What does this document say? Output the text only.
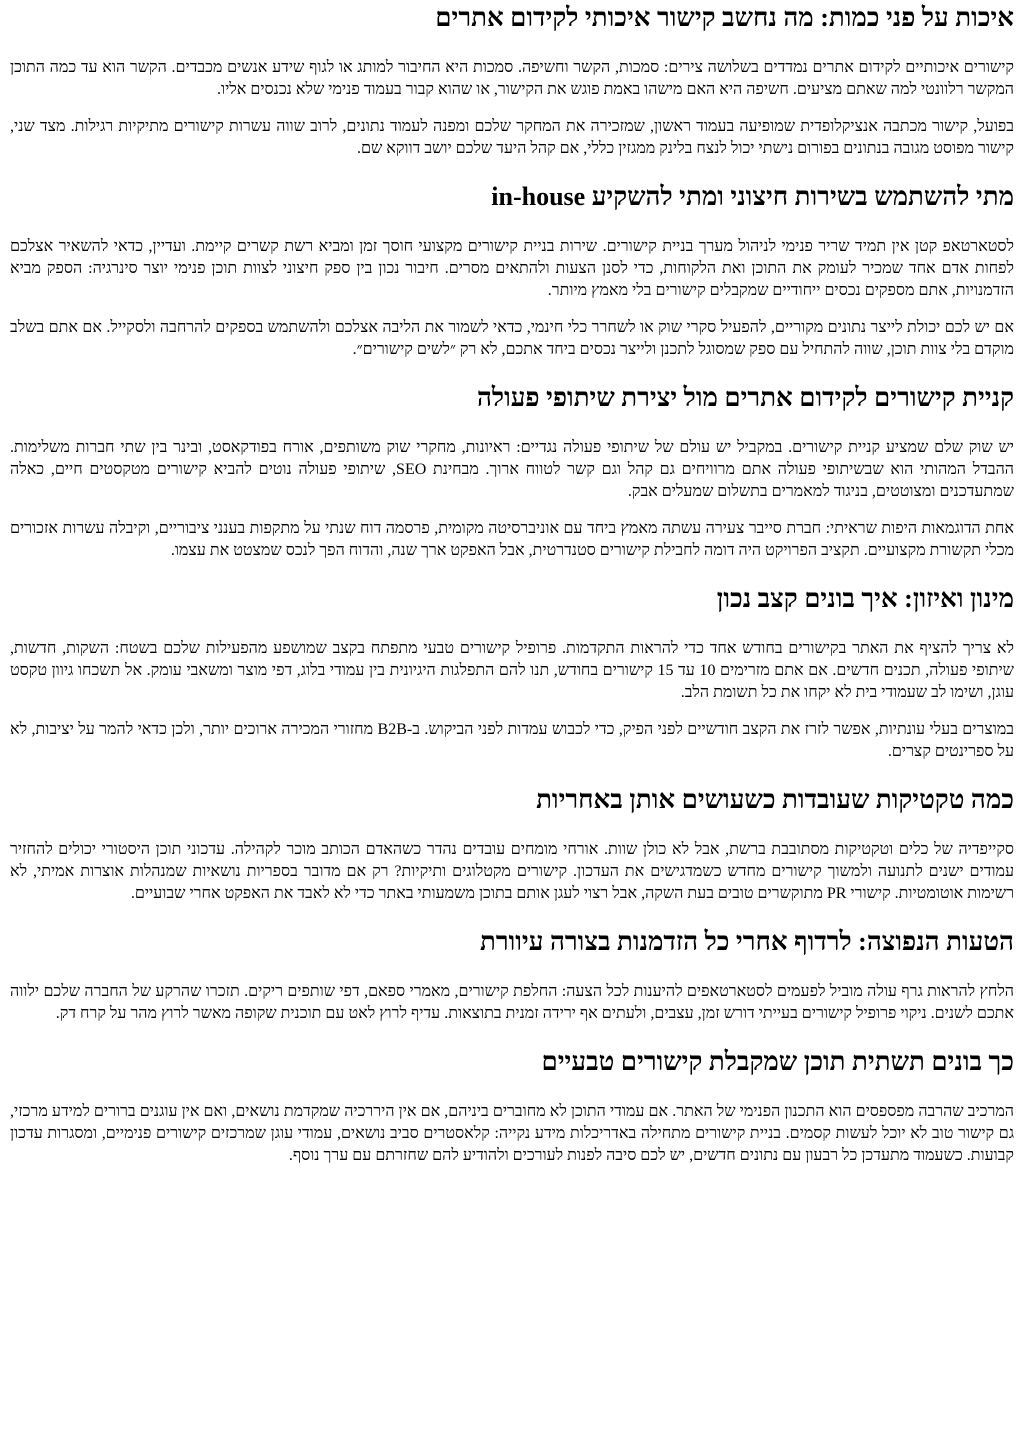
איכות על פני כמות: מה נחשב קישור איכותי לקידום אתרים

קישורים איכותיים לקידום אתרים נמדדים בשלושה צירים: סמכות, הקשר וחשיפה. סמכות היא החיבור למותג או לגוף שידע אנשים מכבדים. הקשר הוא עד כמה התוכן המקשר רלוונטי למה שאתם מציעים. חשיפה היא האם מישהו באמת פוגש את הקישור, או שהוא קבור בעמוד פנימי שלא נכנסים אליו.

בפועל, קישור מכתבה אנציקלופדית שמופיעה בעמוד ראשון, שמזכירה את המחקר שלכם ומפנה לעמוד נתונים, לרוב שווה עשרות קישורים מתיקיות רגילות. מצד שני, קישור מפוסט מגובה בנתונים בפורום נישתי יכול לנצח בלינק ממגזין כללי, אם קהל היעד שלכם יושב דווקא שם.

מתי להשתמש בשירות חיצוני ומתי להשקיע in-house

לסטארטאפ קטן אין תמיד שריר פנימי לניהול מערך בניית קישורים. שירות בניית קישורים מקצועי חוסך זמן ומביא רשת קשרים קיימת. ועדיין, כדאי להשאיר אצלכם לפחות אדם אחד שמכיר לעומק את התוכן ואת הלקוחות, כדי לסנן הצעות ולהתאים מסרים. חיבור נכון בין ספק חיצוני לצוות תוכן פנימי יוצר סינרגיה: הספק מביא הזדמנויות, אתם מספקים נכסים ייחודיים שמקבלים קישורים בלי מאמץ מיותר.

אם יש לכם יכולת לייצר נתונים מקוריים, להפעיל סקרי שוק או לשחרר כלי חינמי, כדאי לשמור את הליבה אצלכם ולהשתמש בספקים להרחבה ולסקייל. אם אתם בשלב מוקדם בלי צוות תוכן, שווה להתחיל עם ספק שמסוגל לתכנן ולייצר נכסים ביחד אתכם, לא רק ״לשים קישורים״.

קניית קישורים לקידום אתרים מול יצירת שיתופי פעולה

יש שוק שלם שמציע קניית קישורים. במקביל יש עולם של שיתופי פעולה נגדיים: ראיונות, מחקרי שוק משותפים, אורח בפודקאסט, ובינר בין שתי חברות משלימות. ההבדל המהותי הוא שבשיתופי פעולה אתם מרוויחים גם קהל וגם קשר לטווח ארוך. מבחינת SEO, שיתופי פעולה נוטים להביא קישורים מטקסטים חיים, כאלה שמתעדכנים ומצוטטים, בניגוד למאמרים בתשלום שמעלים אבק.

אחת הדוגמאות היפות שראיתי: חברת סייבר צעירה עשתה מאמץ ביחד עם אוניברסיטה מקומית, פרסמה דוח שנתי על מתקפות בענני ציבוריים, וקיבלה עשרות אזכורים מכלי תקשורת מקצועיים. תקציב הפרויקט היה דומה לחבילת קישורים סטנדרטית, אבל האפקט ארך שנה, והדוח הפך לנכס שמצטט את עצמו.

מינון ואיזון: איך בונים קצב נכון

לא צריך להציף את האתר בקישורים בחודש אחד כדי להראות התקדמות. פרופיל קישורים טבעי מתפתח בקצב שמושפע מהפעילות שלכם בשטח: השקות, חדשות, שיתופי פעולה, תכנים חדשים. אם אתם מזרימים 10 עד 15 קישורים בחודש, תנו להם התפלגות היגיונית בין עמודי בלוג, דפי מוצר ומשאבי עומק. אל תשכחו גיוון טקסט עוגן, ושימו לב שעמודי בית לא יקחו את כל תשומת הלב.

במוצרים בעלי עונתיות, אפשר לזרז את הקצב חודשיים לפני הפיק, כדי לכבוש עמדות לפני הביקוש. ב-B2B מחזורי המכירה ארוכים יותר, ולכן כדאי להמר על יציבות, לא על ספרינטים קצרים.

כמה טקטיקות שעובדות כשעושים אותן באחריות

סקייפדיה של כלים וטקטיקות מסתובבת ברשת, אבל לא כולן שוות. אורחי מומחים עובדים נהדר כשהאדם הכותב מוכר לקהילה. עדכוני תוכן היסטורי יכולים להחזיר עמודים ישנים לתנועה ולמשוך קישורים מחדש כשמדגישים את העדכון. קישורים מקטלוגים ותיקיות? רק אם מדובר בספריות נושאיות שמנהלות אוצרות אמיתי, לא רשימות אוטומטיות. קישורי PR מתוקשרים טובים בעת השקה, אבל רצוי לעגן אותם בתוכן משמעותי באתר כדי לא לאבד את האפקט אחרי שבועיים.

הטעות הנפוצה: לרדוף אחרי כל הזדמנות בצורה עיוורת

הלחץ להראות גרף עולה מוביל לפעמים לסטארטאפים להיענות לכל הצעה: החלפת קישורים, מאמרי ספאם, דפי שותפים ריקים. תזכרו שהרקע של החברה שלכם ילווה אתכם לשנים. ניקוי פרופיל קישורים בעייתי דורש זמן, עצבים, ולעתים אף ירידה זמנית בתוצאות. עדיף לרוץ לאט עם תוכנית שקופה מאשר לרוץ מהר על קרח דק.

כך בונים תשתית תוכן שמקבלת קישורים טבעיים

המרכיב שהרבה מפספסים הוא התכנון הפנימי של האתר. אם עמודי התוכן לא מחוברים ביניהם, אם אין היררכיה שמקדמת נושאים, ואם אין עוגנים ברורים למידע מרכזי, גם קישור טוב לא יוכל לעשות קסמים. בניית קישורים מתחילה באדריכלות מידע נקייה: קלאסטרים סביב נושאים, עמודי עוגן שמרכזים קישורים פנימיים, ומסגרות עדכון קבועות. כשעמוד מתעדכן כל רבעון עם נתונים חדשים, יש לכם סיבה לפנות לעורכים ולהודיע להם שחזרתם עם ערך נוסף.
